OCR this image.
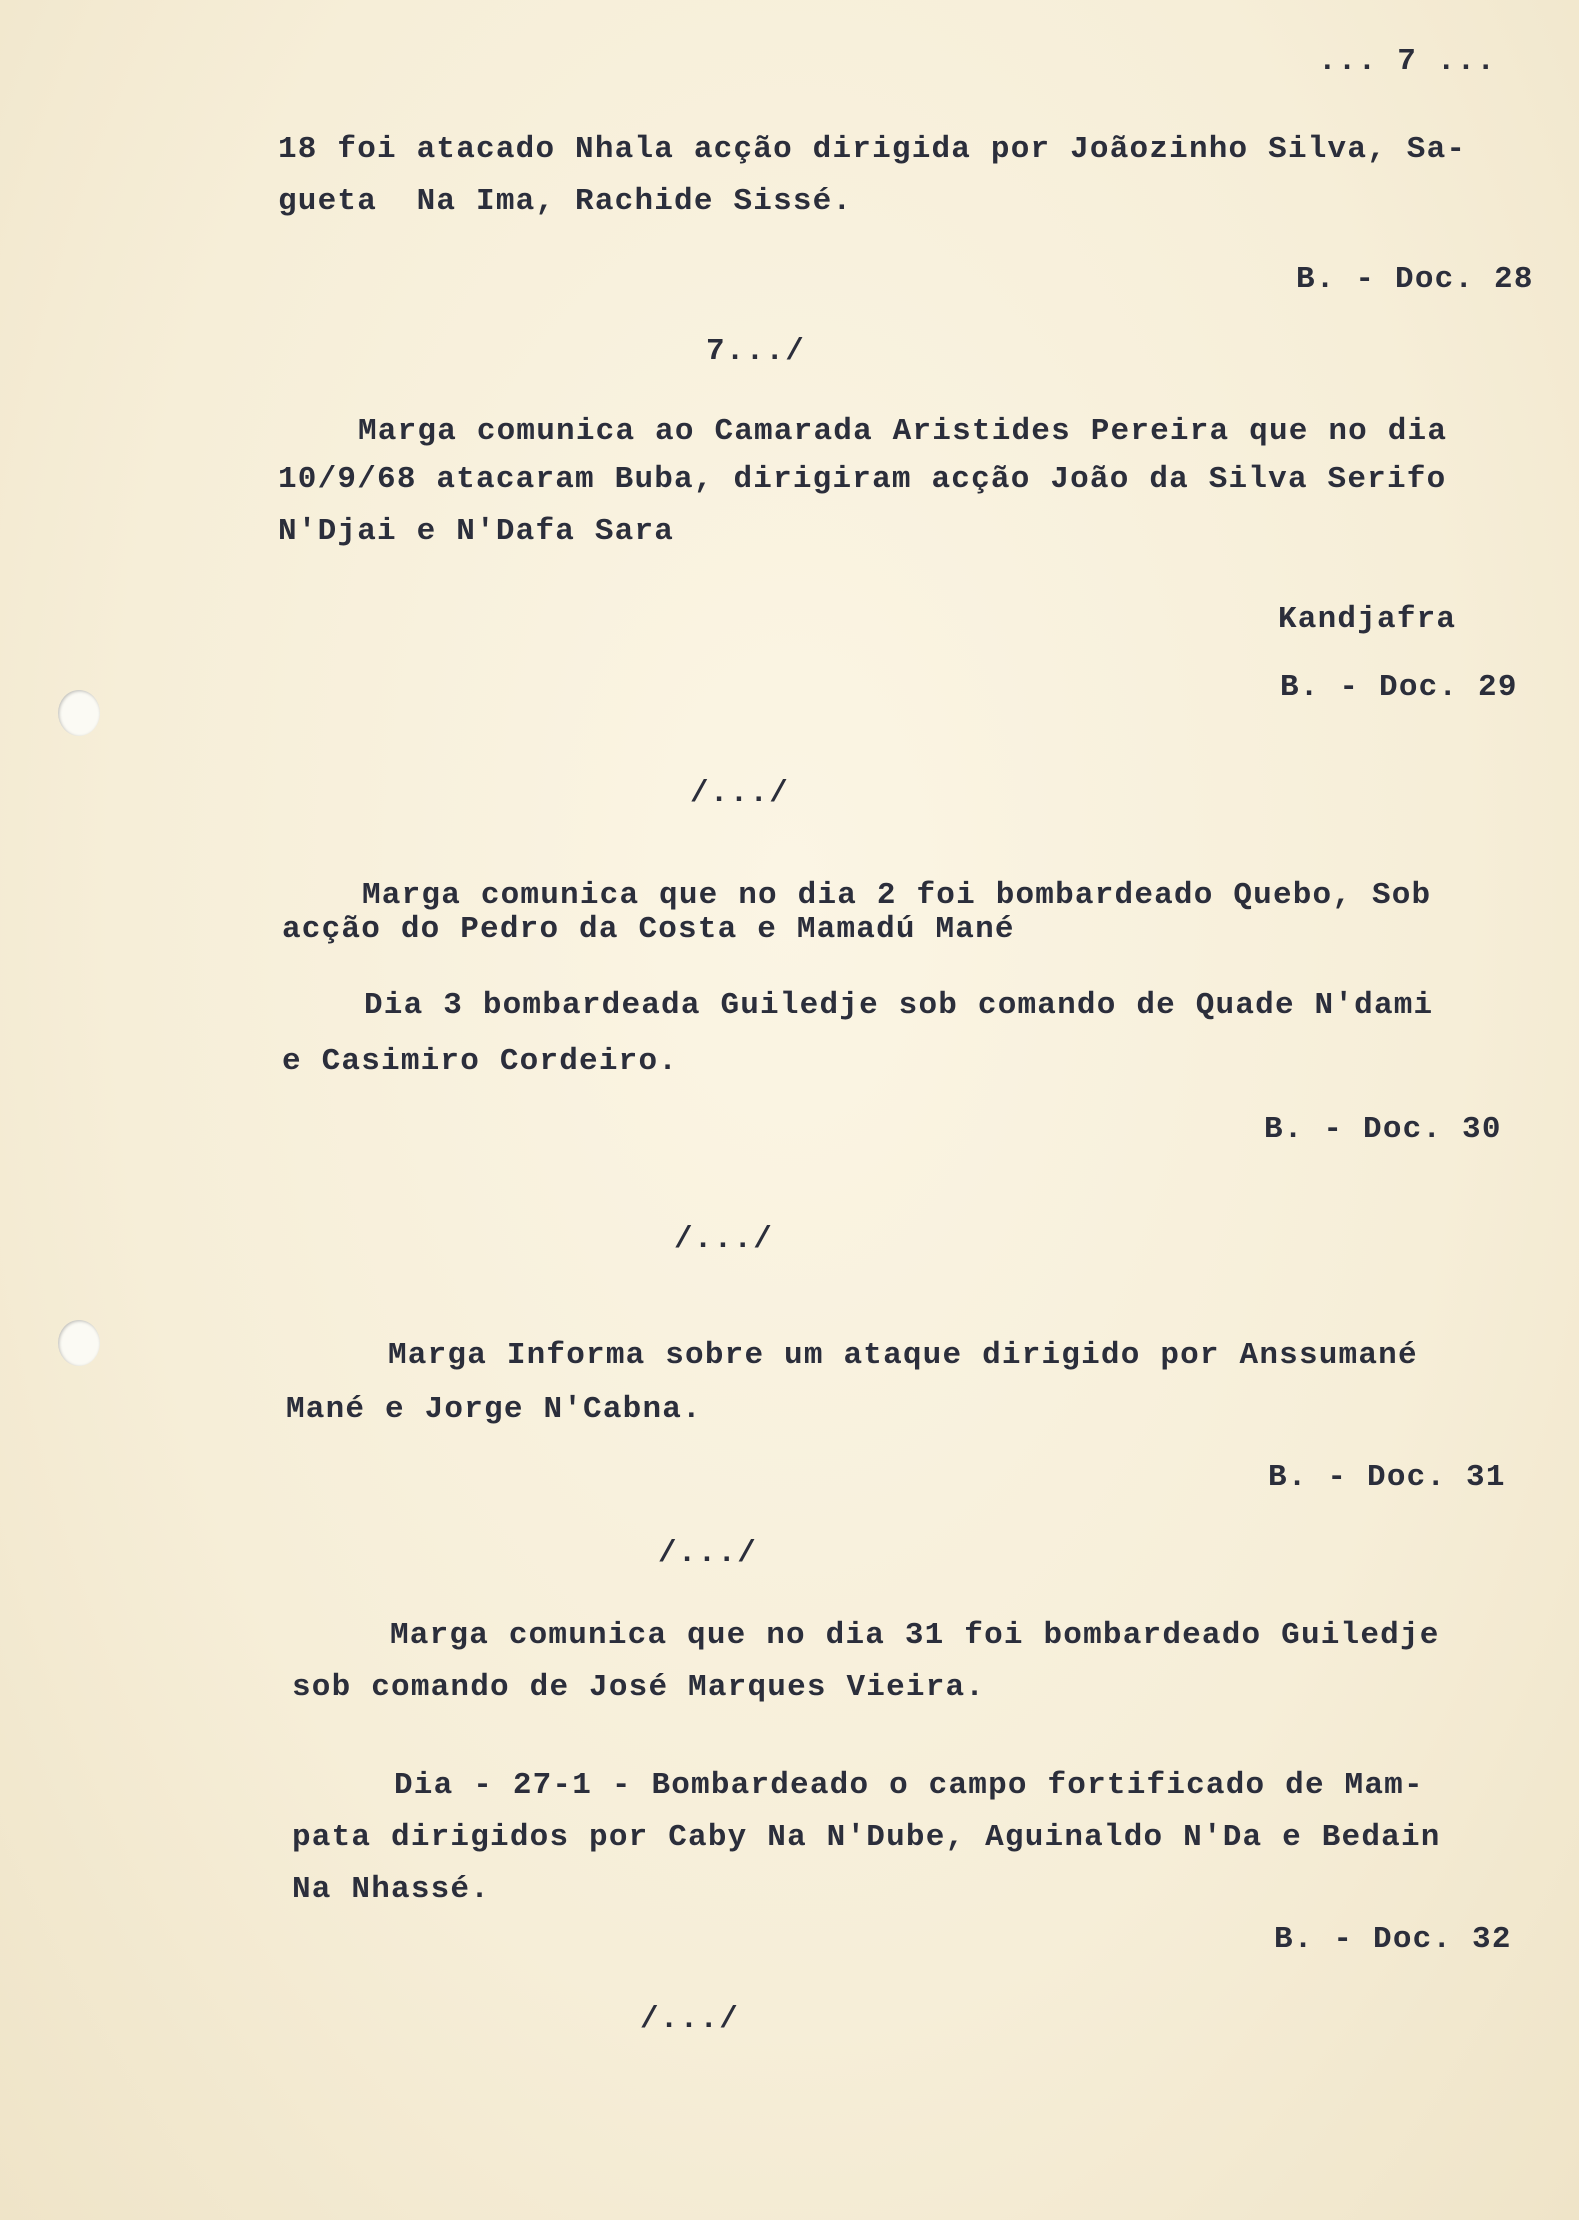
... 7 ...
18 foi atacado Nhala acção dirigida por Joãozinho Silva, Sa-
gueta  Na Ima, Rachide Sissé.
B. - Doc. 28
7.../
Marga comunica ao Camarada Aristides Pereira que no dia
10/9/68 atacaram Buba, dirigiram acção João da Silva Serifo
N'Djai e N'Dafa Sara
Kandjafra
B. - Doc. 29
/.../
Marga comunica que no dia 2 foi bombardeado Quebo, Sob
acção do Pedro da Costa e Mamadú Mané
Dia 3 bombardeada Guiledje sob comando de Quade N'dami
e Casimiro Cordeiro.
B. - Doc. 30
/.../
Marga Informa sobre um ataque dirigido por Anssumané
Mané e Jorge N'Cabna.
B. - Doc. 31
/.../
Marga comunica que no dia 31 foi bombardeado Guiledje
sob comando de José Marques Vieira.
Dia - 27-1 - Bombardeado o campo fortificado de Mam-
pata dirigidos por Caby Na N'Dube, Aguinaldo N'Da e Bedain
Na Nhassé.
B. - Doc. 32
/.../
